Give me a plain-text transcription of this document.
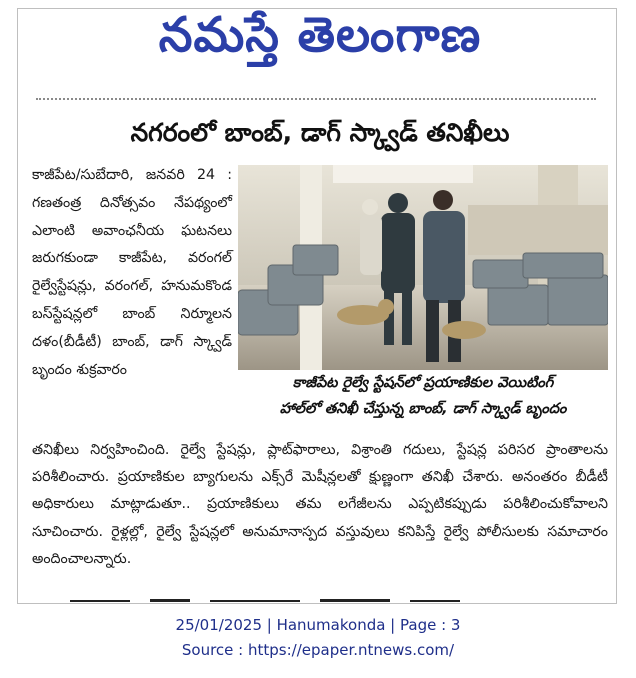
నమస్తే తెలంగాణ
నగరంలో బాంబ్, డాగ్ స్క్వాడ్ తనిఖీలు
కాజీపేట/సుబేదారి, జనవరి 24 : గణతంత్ర దినోత్సవం నేపథ్యంలో ఎలాంటి అవాంఛనీయ ఘటనలు జరుగకుండా కాజీపేట, వరంగల్ రైల్వేస్టేషన్లు, వరంగల్, హనుమకొండ బస్‌స్టేషన్లలో బాంబ్ నిర్మూలన దళం(బీడీటీ) బాంబ్, డాగ్ స్క్వాడ్ బృందం శుక్రవారం
కాజీపేట రైల్వే స్టేషన్‌లో ప్రయాణికుల వెయిటింగ్
హాల్‌లో తనిఖీ చేస్తున్న బాంబ్, డాగ్ స్క్వాడ్ బృందం
తనిఖీలు నిర్వహించింది. రైల్వే స్టేషన్లు, ప్లాట్‌ఫారాలు, విశ్రాంతి గదులు, స్టేషన్ల పరిసర ప్రాంతాలను పరిశీలించారు. ప్రయాణికుల బ్యాగులను ఎక్స్‌రే మెషీన్లలతో క్షుణ్ణంగా తనిఖీ చేశారు. అనంతరం బీడీటీ అధికారులు మాట్లాడుతూ.. ప్రయాణికులు తమ లగేజీలను ఎప్పటికప్పుడు పరిశీలించుకోవాలని సూచించారు. రైళ్లల్లో, రైల్వే స్టేషన్లలో అనుమానాస్పద వస్తువులు కనిపిస్తే రైల్వే పోలీసులకు సమాచారం అందించాలన్నారు.
25/01/2025 | Hanumakonda | Page : 3
Source : https://epaper.ntnews.com/
